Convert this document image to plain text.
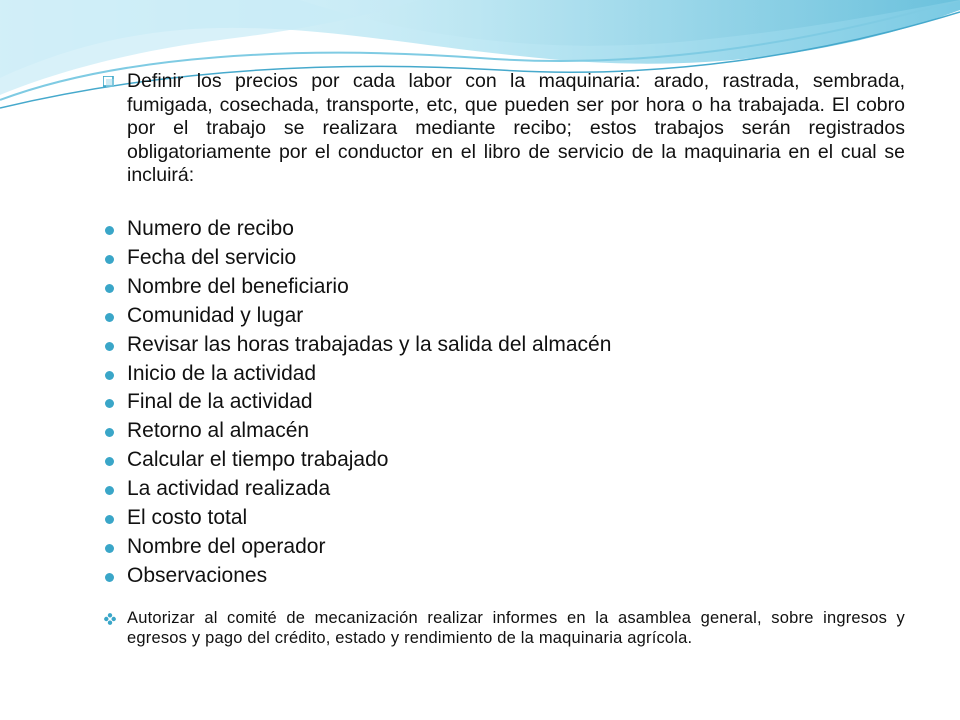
Definir los precios por cada labor con la maquinaria: arado, rastrada, sembrada, fumigada, cosechada, transporte, etc, que pueden ser por hora o ha trabajada. El cobro por el trabajo se realizara mediante recibo; estos trabajos serán registrados obligatoriamente por el conductor en el libro de servicio de la maquinaria en el cual se incluirá:

Numero de recibo
Fecha del servicio
Nombre del beneficiario
Comunidad y lugar
Revisar las horas trabajadas y la salida del almacén
Inicio de la actividad
Final de la actividad
Retorno al almacén
Calcular el tiempo trabajado
La actividad realizada
El costo total
Nombre del operador
Observaciones

Autorizar al comité de mecanización realizar informes en la asamblea general, sobre ingresos y egresos y pago del crédito, estado y rendimiento de la maquinaria agrícola.
